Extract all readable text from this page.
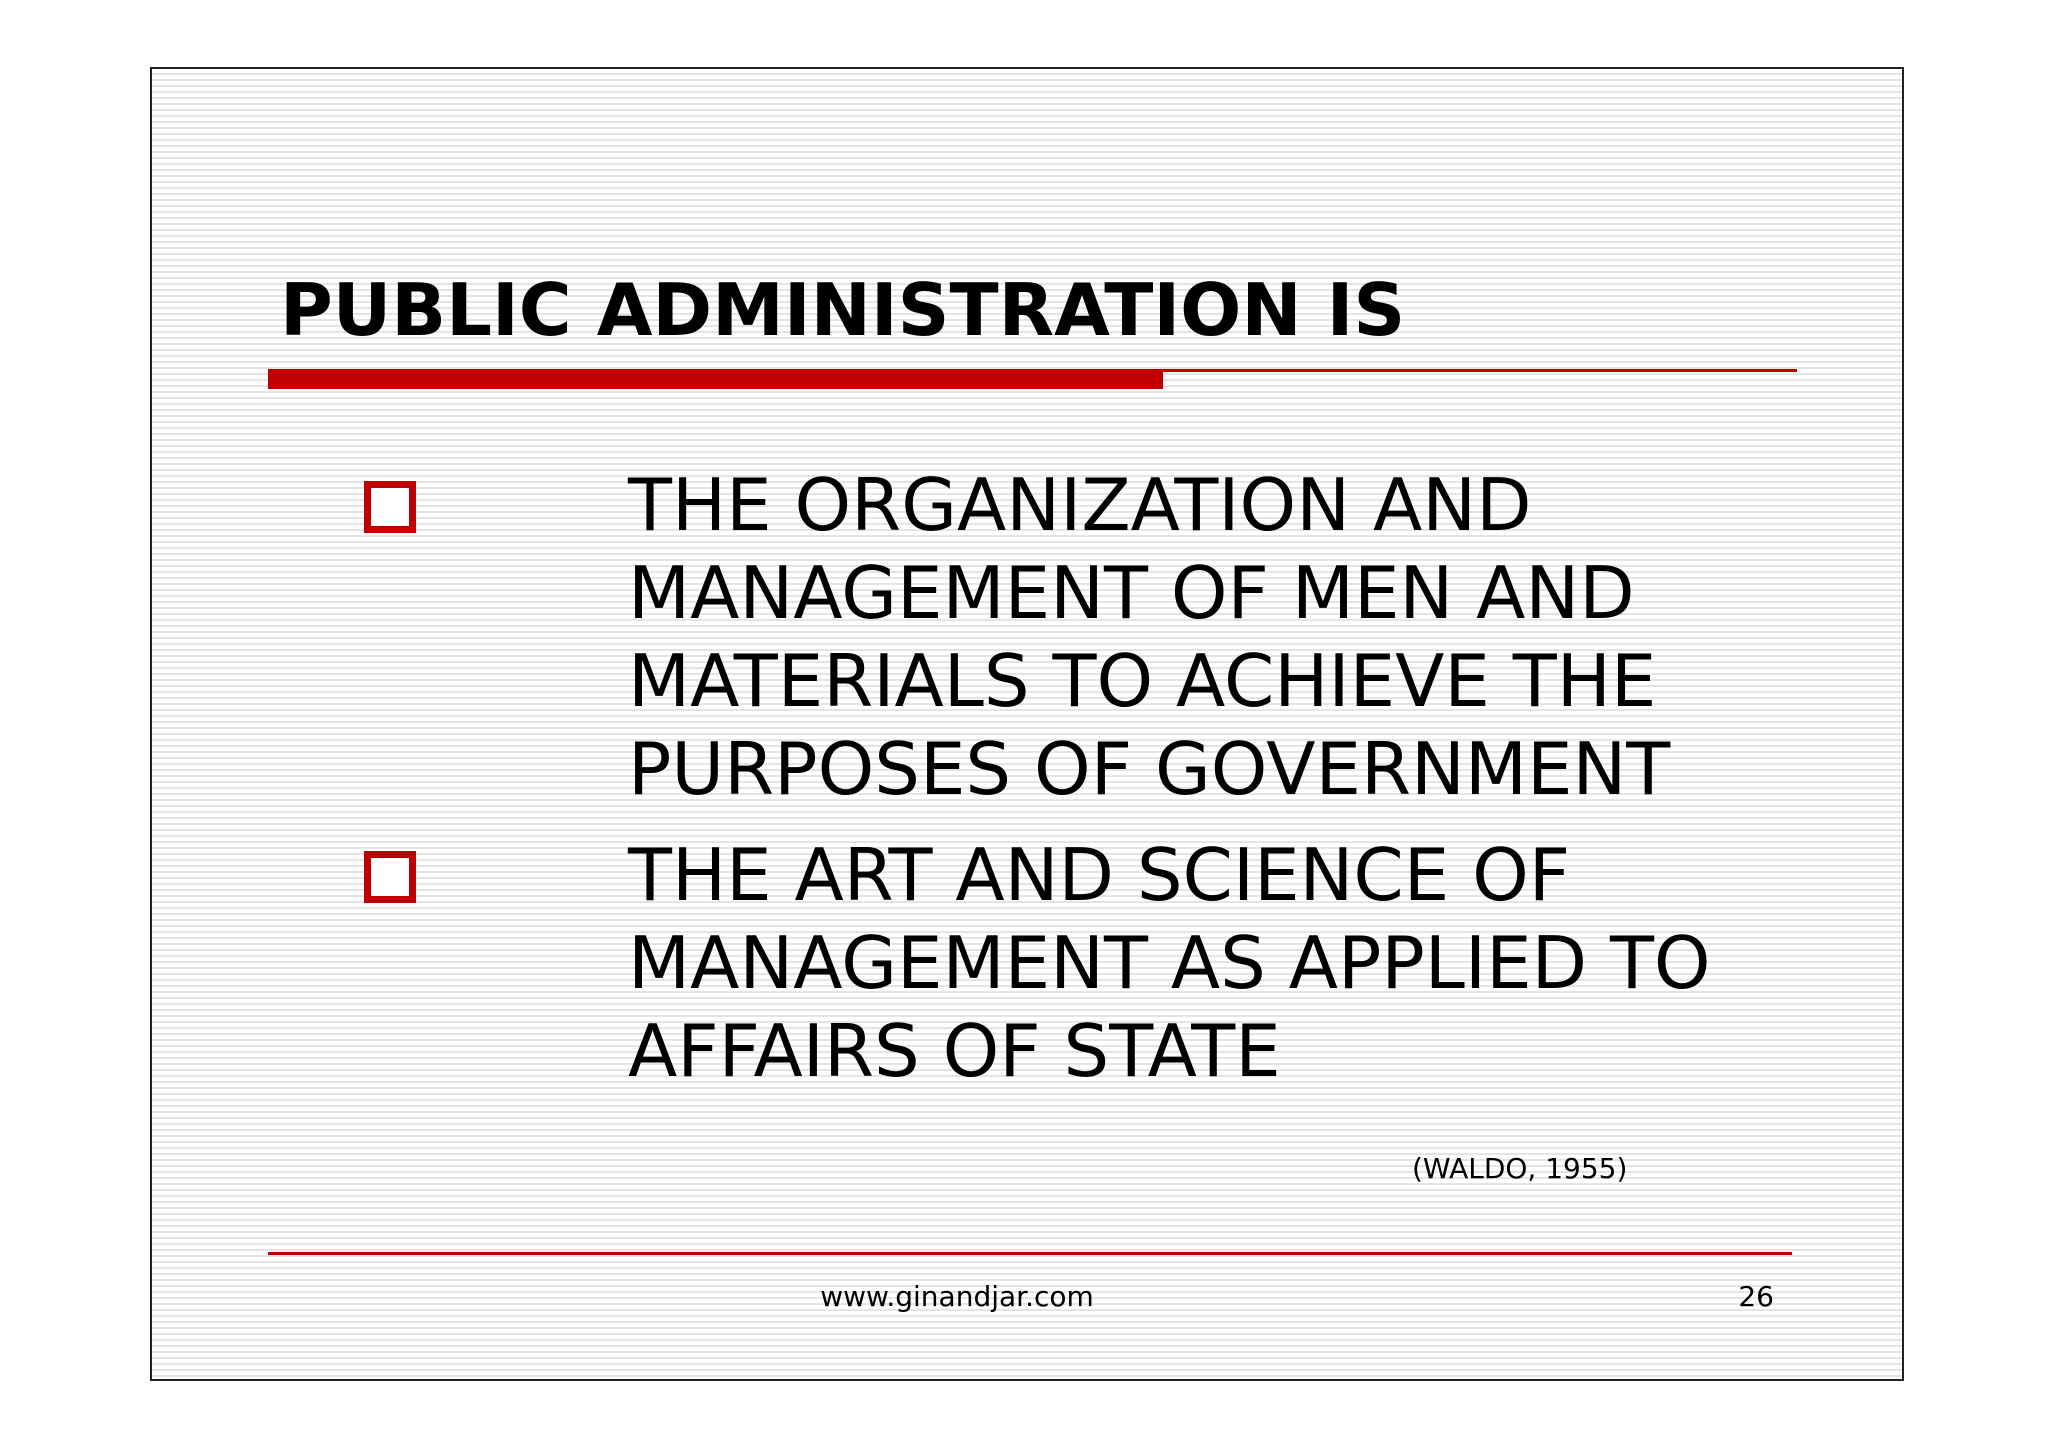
PUBLIC ADMINISTRATION IS
THE ORGANIZATION AND
MANAGEMENT OF MEN AND
MATERIALS TO ACHIEVE THE
PURPOSES OF GOVERNMENT
THE ART AND SCIENCE OF
MANAGEMENT AS APPLIED TO
AFFAIRS OF STATE
(WALDO, 1955)
www.ginandjar.com	26
